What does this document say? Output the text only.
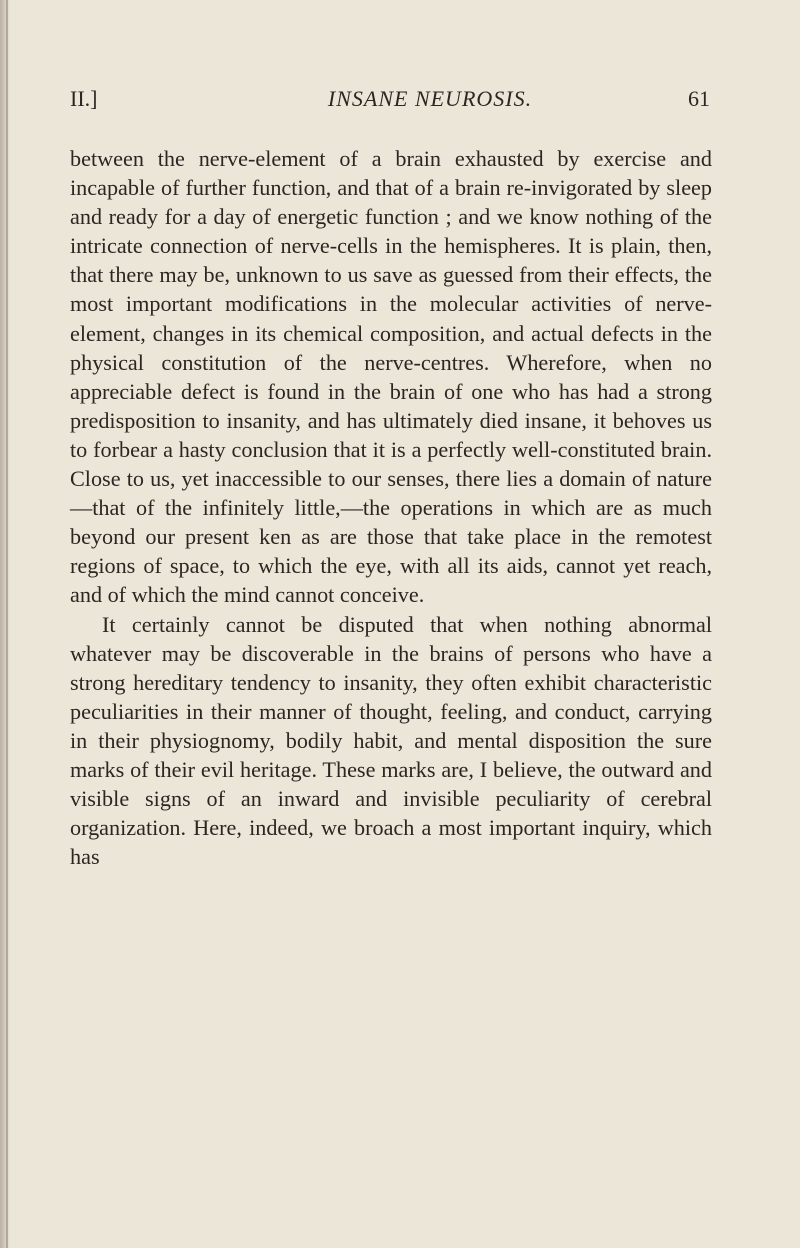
II.]	INSANE NEUROSIS.	61

between the nerve-element of a brain exhausted by exercise and incapable of further function, and that of a brain re-invigorated by sleep and ready for a day of energetic function ; and we know nothing of the intricate connection of nerve-cells in the hemispheres. It is plain, then, that there may be, unknown to us save as guessed from their effects, the most important modifications in the molecular activities of nerve-element, changes in its chemical composition, and actual defects in the physical constitution of the nerve-centres. Wherefore, when no appreciable defect is found in the brain of one who has had a strong predisposition to insanity, and has ultimately died insane, it behoves us to forbear a hasty conclusion that it is a perfectly well-constituted brain. Close to us, yet inaccessible to our senses, there lies a domain of nature—that of the infinitely little,—the operations in which are as much beyond our present ken as are those that take place in the remotest regions of space, to which the eye, with all its aids, cannot yet reach, and of which the mind cannot conceive.

It certainly cannot be disputed that when nothing abnormal whatever may be discoverable in the brains of persons who have a strong hereditary tendency to insanity, they often exhibit characteristic peculiarities in their manner of thought, feeling, and conduct, carrying in their physiognomy, bodily habit, and mental disposition the sure marks of their evil heritage. These marks are, I believe, the outward and visible signs of an inward and invisible peculiarity of cerebral organization. Here, indeed, we broach a most important inquiry, which has
